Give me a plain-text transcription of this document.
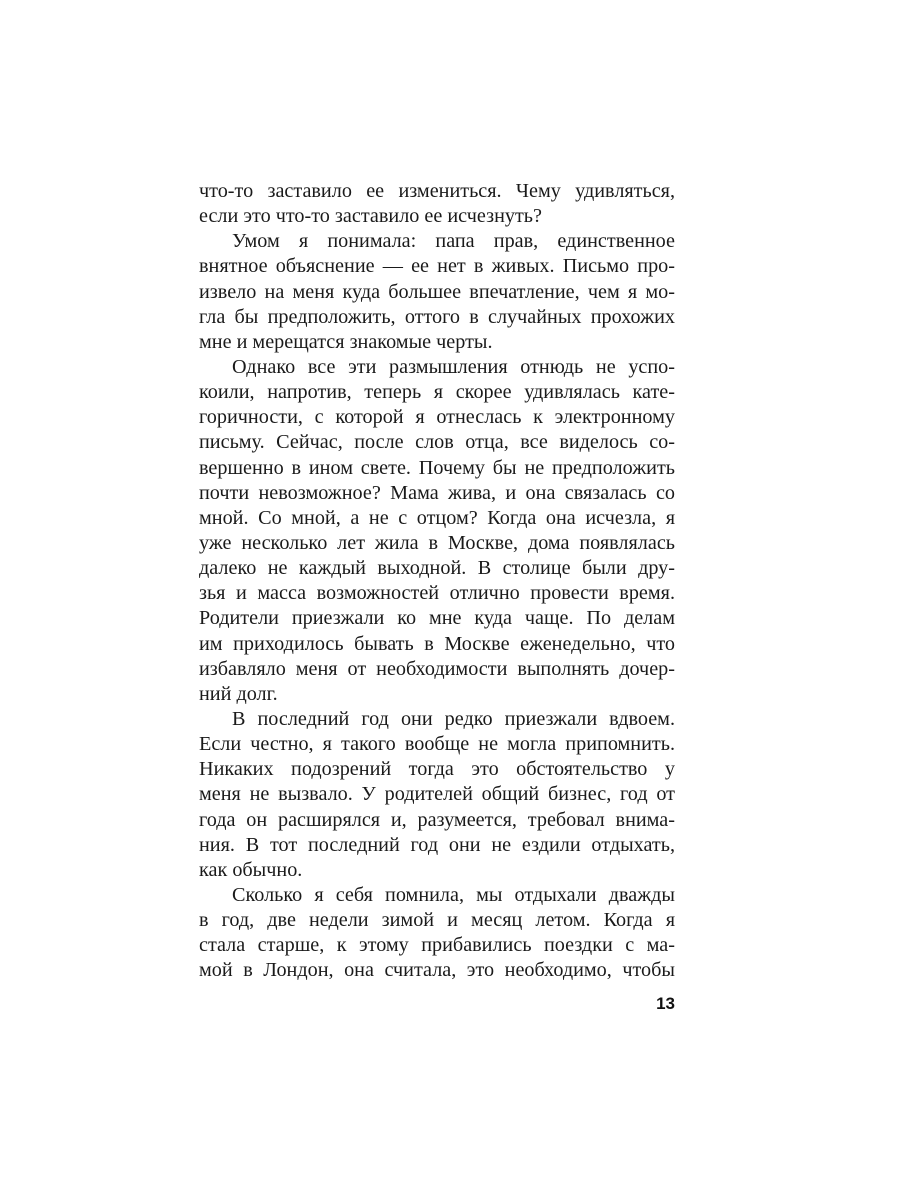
что-то заставило ее измениться. Чему удивляться,
если это что-то заставило ее исчезнуть?
Умом я понимала: папа прав, единственное
внятное объяснение — ее нет в живых. Письмо про-
извело на меня куда большее впечатление, чем я мо-
гла бы предположить, оттого в случайных прохожих
мне и мерещатся знакомые черты.
Однако все эти размышления отнюдь не успо-
коили, напротив, теперь я скорее удивлялась кате-
горичности, с которой я отнеслась к электронному
письму. Сейчас, после слов отца, все виделось со-
вершенно в ином свете. Почему бы не предположить
почти невозможное? Мама жива, и она связалась со
мной. Со мной, а не с отцом? Когда она исчезла, я
уже несколько лет жила в Москве, дома появлялась
далеко не каждый выходной. В столице были дру-
зья и масса возможностей отлично провести время.
Родители приезжали ко мне куда чаще. По делам
им приходилось бывать в Москве еженедельно, что
избавляло меня от необходимости выполнять дочер-
ний долг.
В последний год они редко приезжали вдвоем.
Если честно, я такого вообще не могла припомнить.
Никаких подозрений тогда это обстоятельство у
меня не вызвало. У родителей общий бизнес, год от
года он расширялся и, разумеется, требовал внима-
ния. В тот последний год они не ездили отдыхать,
как обычно.
Сколько я себя помнила, мы отдыхали дважды
в год, две недели зимой и месяц летом. Когда я
стала старше, к этому прибавились поездки с ма-
мой в Лондон, она считала, это необходимо, чтобы
13
